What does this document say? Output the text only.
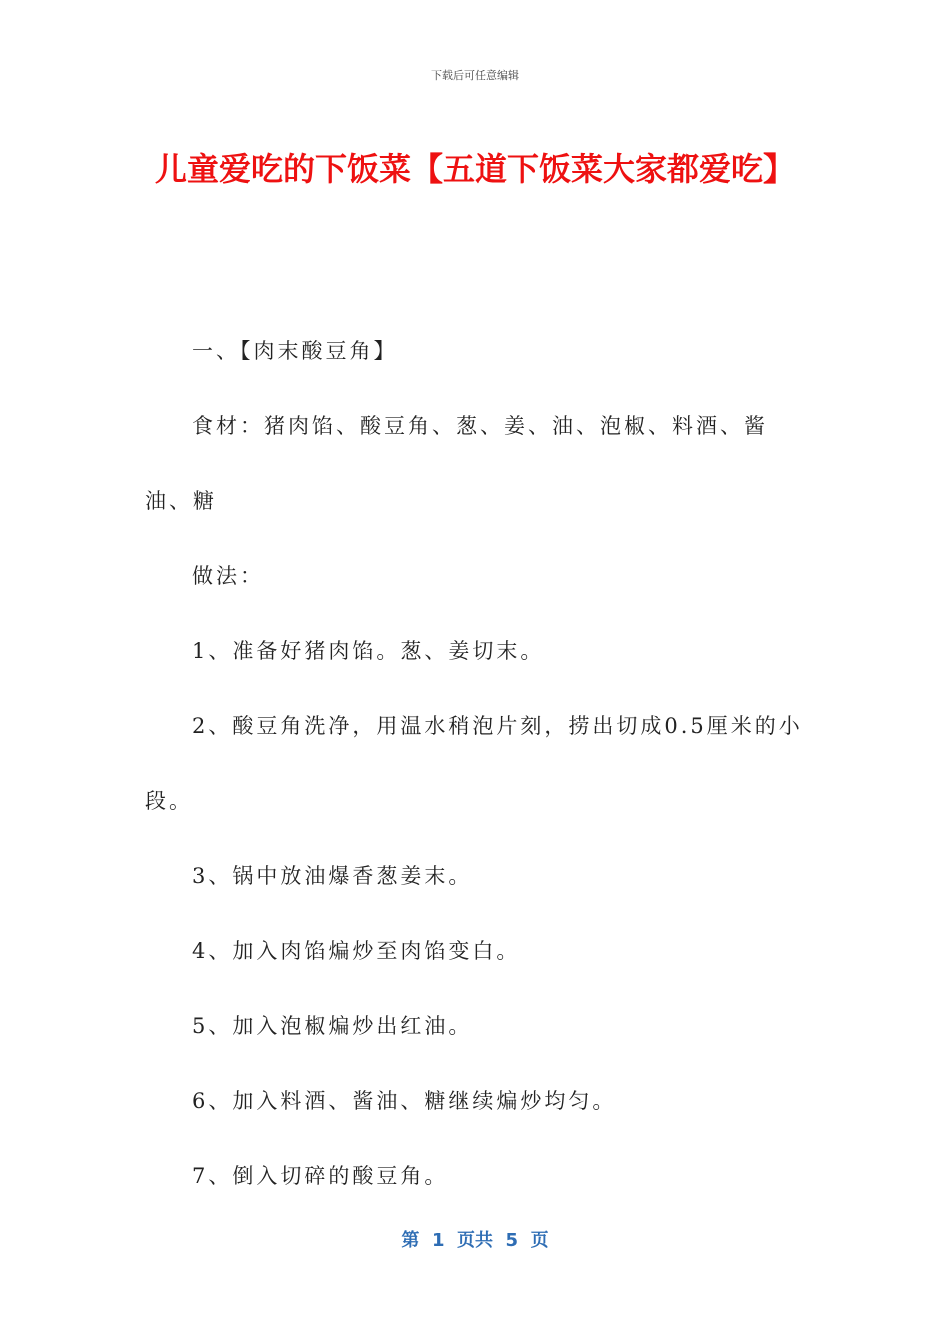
下载后可任意编辑
儿童爱吃的下饭菜【五道下饭菜大家都爱吃】

一、【肉末酸豆角】

食材：猪肉馅、酸豆角、葱、姜、油、泡椒、料酒、酱油、糖

做法：

1、准备好猪肉馅。葱、姜切末。

2、酸豆角洗净，用温水稍泡片刻，捞出切成0.5厘米的小段。

3、锅中放油爆香葱姜末。

4、加入肉馅煸炒至肉馅变白。

5、加入泡椒煸炒出红油。

6、加入料酒、酱油、糖继续煸炒均匀。

7、倒入切碎的酸豆角。

第  1  页共  5  页
